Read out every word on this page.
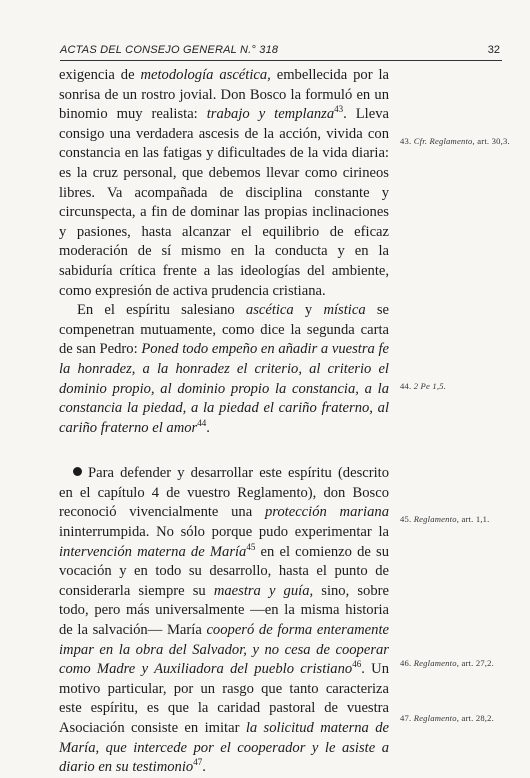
ACTAS DEL CONSEJO GENERAL N.° 318	32

exigencia de metodología ascética, embellecida por la sonrisa de un rostro jovial. Don Bosco la formuló en un binomio muy realista: trabajo y templanza$^{43}$. Lleva consigo una verdadera ascesis de la acción, vivida con constancia en las fatigas y dificultades de la vida diaria: es la cruz personal, que debemos llevar como cirineos libres. Va acompañada de disciplina constante y circunspecta, a fin de dominar las propias inclinaciones y pasiones, hasta alcanzar el equilibrio de eficaz moderación de sí mismo en la conducta y en la sabiduría crítica frente a las ideologías del ambiente, como expresión de activa prudencia cristiana.

En el espíritu salesiano ascética y mística se compenetran mutuamente, como dice la segunda carta de san Pedro: Poned todo empeño en añadir a vuestra fe la honradez, a la honradez el criterio, al criterio el dominio propio, al dominio propio la constancia, a la constancia la piedad, a la piedad el cariño fraterno, al cariño fraterno el amor$^{44}$.

Para defender y desarrollar este espíritu (descrito en el capítulo 4 de vuestro Reglamento), don Bosco reconoció vivencialmente una protección mariana ininterrumpida. No sólo porque pudo experimentar la intervención materna de María$^{45}$ en el comienzo de su vocación y en todo su desarrollo, hasta el punto de considerarla siempre su maestra y guía, sino, sobre todo, pero más universalmente —en la misma historia de la salvación— María cooperó de forma enteramente impar en la obra del Salvador, y no cesa de cooperar como Madre y Auxiliadora del pueblo cristiano$^{46}$. Un motivo particular, por un rasgo que tanto caracteriza este espíritu, es que la caridad pastoral de vuestra Asociación consiste en imitar la solicitud materna de María, que intercede por el cooperador y le asiste a diario en su testimonio$^{47}$.

43. Cfr. Reglamento, art. 30,3.
44. 2 Pe 1,5.
45. Reglamento, art. 1,1.
46. Reglamento, art. 27,2.
47. Reglamento, art. 28,2.
